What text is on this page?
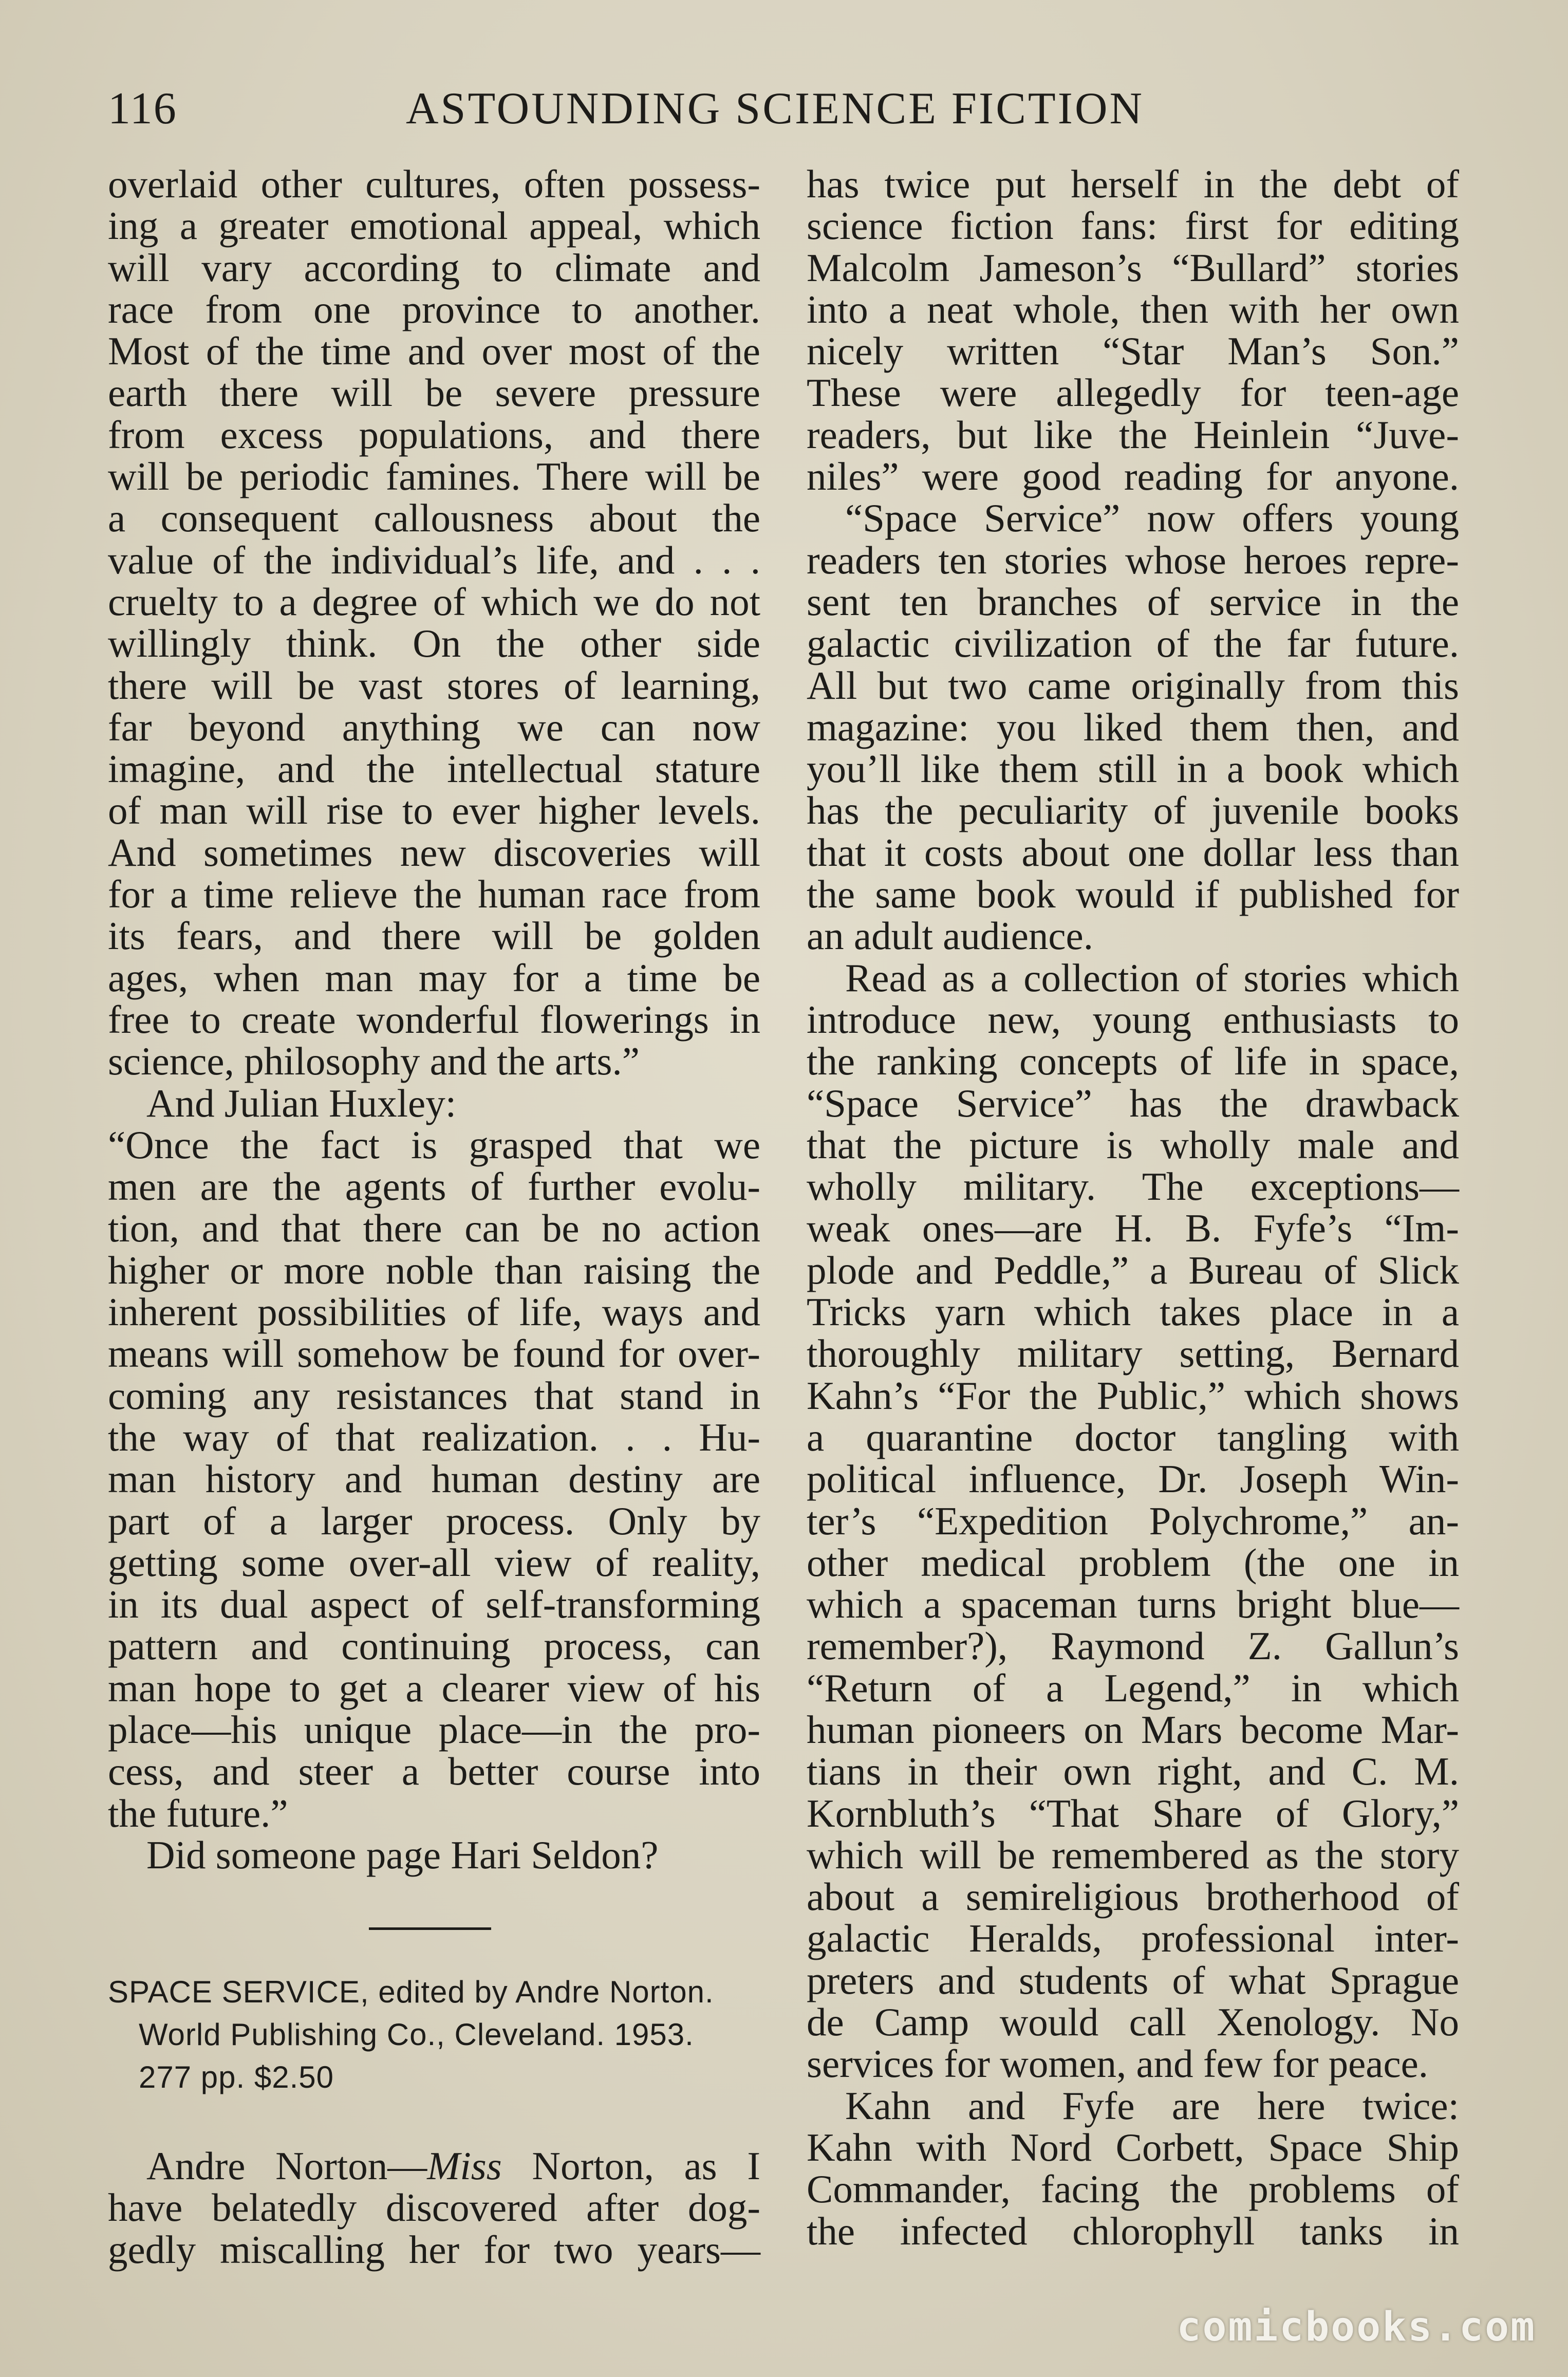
116	ASTOUNDING SCIENCE FICTION
overlaid other cultures, often possess-
ing a greater emotional appeal, which
will vary according to climate and
race from one province to another.
Most of the time and over most of the
earth there will be severe pressure
from excess populations, and there
will be periodic famines. There will be
a consequent callousness about the
value of the individual’s life, and . . .
cruelty to a degree of which we do not
willingly think. On the other side
there will be vast stores of learning,
far beyond anything we can now
imagine, and the intellectual stature
of man will rise to ever higher levels.
And sometimes new discoveries will
for a time relieve the human race from
its fears, and there will be golden
ages, when man may for a time be
free to create wonderful flowerings in
science, philosophy and the arts.”
And Julian Huxley:
“Once the fact is grasped that we
men are the agents of further evolu-
tion, and that there can be no action
higher or more noble than raising the
inherent possibilities of life, ways and
means will somehow be found for over-
coming any resistances that stand in
the way of that realization. . . Hu-
man history and human destiny are
part of a larger process. Only by
getting some over-all view of reality,
in its dual aspect of self-transforming
pattern and continuing process, can
man hope to get a clearer view of his
place—his unique place—in the pro-
cess, and steer a better course into
the future.”
Did someone page Hari Seldon?
SPACE SERVICE, edited by Andre Norton.
World Publishing Co., Cleveland. 1953.
277 pp. $2.50
Andre Norton—Miss Norton, as I
have belatedly discovered after dog-
gedly miscalling her for two years—
has twice put herself in the debt of
science fiction fans: first for editing
Malcolm Jameson’s “Bullard” stories
into a neat whole, then with her own
nicely written “Star Man’s Son.”
These were allegedly for teen-age
readers, but like the Heinlein “Juve-
niles” were good reading for anyone.
“Space Service” now offers young
readers ten stories whose heroes repre-
sent ten branches of service in the
galactic civilization of the far future.
All but two came originally from this
magazine: you liked them then, and
you’ll like them still in a book which
has the peculiarity of juvenile books
that it costs about one dollar less than
the same book would if published for
an adult audience.
Read as a collection of stories which
introduce new, young enthusiasts to
the ranking concepts of life in space,
“Space Service” has the drawback
that the picture is wholly male and
wholly military. The exceptions—
weak ones—are H. B. Fyfe’s “Im-
plode and Peddle,” a Bureau of Slick
Tricks yarn which takes place in a
thoroughly military setting, Bernard
Kahn’s “For the Public,” which shows
a quarantine doctor tangling with
political influence, Dr. Joseph Win-
ter’s “Expedition Polychrome,” an-
other medical problem (the one in
which a spaceman turns bright blue—
remember?), Raymond Z. Gallun’s
“Return of a Legend,” in which
human pioneers on Mars become Mar-
tians in their own right, and C. M.
Kornbluth’s “That Share of Glory,”
which will be remembered as the story
about a semireligious brotherhood of
galactic Heralds, professional inter-
preters and students of what Sprague
de Camp would call Xenology. No
services for women, and few for peace.
Kahn and Fyfe are here twice:
Kahn with Nord Corbett, Space Ship
Commander, facing the problems of
the infected chlorophyll tanks in
comicbooks.com
